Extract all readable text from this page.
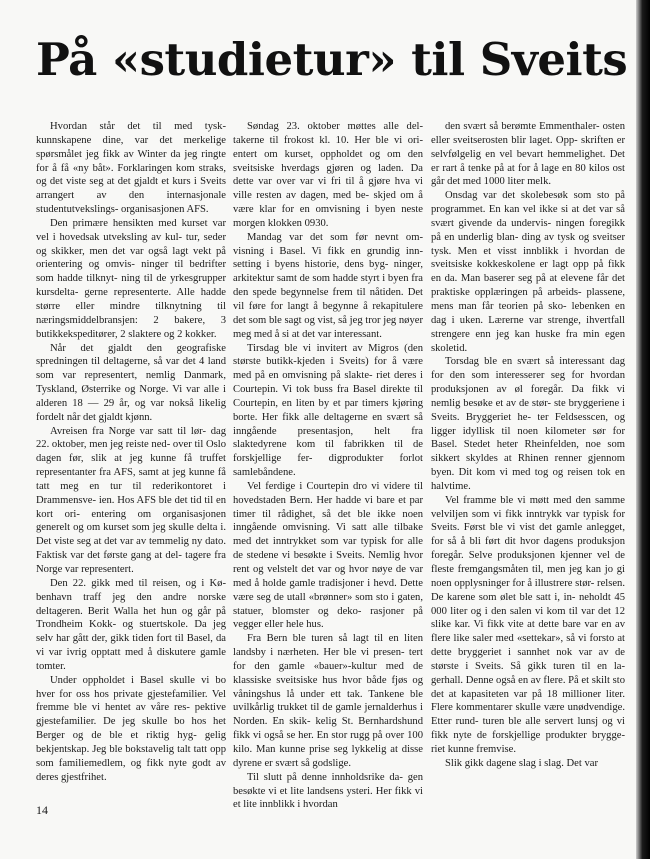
På «studietur» til Sveits

Hvordan står det til med tysk- kunnskapene dine, var det merkelige spørsmålet jeg fikk av Winter da jeg ringte for å få «ny båt». Forklaringen kom straks, og det viste seg at det gjaldt et kurs i Sveits arrangert av den internasjonale studentutvekslings- organisasjonen AFS.

Den primære hensikten med kurset var vel i hovedsak utveksling av kul- tur, seder og skikker, men det var også lagt vekt på orientering og omvis- ninger til bedrifter som hadde tilknyt- ning til de yrkesgrupper kursdelta- gerne representerte. Alle hadde større eller mindre tilknytning til næringsmiddelbransjen: 2 bakere, 3 butikkekspeditører, 2 slaktere og 2 kokker.

Når det gjaldt den geografiske spredningen til deltagerne, så var det 4 land som var representert, nemlig Danmark, Tyskland, Østerrike og Norge. Vi var alle i alderen 18 — 29 år, og var nokså likelig fordelt når det gjaldt kjønn.

Avreisen fra Norge var satt til lør- dag 22. oktober, men jeg reiste ned- over til Oslo dagen før, slik at jeg kunne få truffet representanter fra AFS, samt at jeg kunne få tatt meg en tur til rederikontoret i Drammensve- ien. Hos AFS ble det tid til en kort ori- entering om organisasjonen generelt og om kurset som jeg skulle delta i. Det viste seg at det var av temmelig ny dato. Faktisk var det første gang at del- tagere fra Norge var representert.

Den 22. gikk med til reisen, og i Kø- benhavn traff jeg den andre norske deltageren. Berit Walla het hun og går på Trondheim Kokk- og stuertskole. Da jeg selv har gått der, gikk tiden fort til Basel, da vi var ivrig opptatt med å diskutere gamle tomter.

Under oppholdet i Basel skulle vi bo hver for oss hos private gjestefamilier. Vel fremme ble vi hentet av våre res- pektive gjestefamilier. De jeg skulle bo hos het Berger og de ble et riktig hyg- gelig bekjentskap. Jeg ble bokstavelig talt tatt opp som familiemedlem, og fikk nyte godt av deres gjestfrihet.

Søndag 23. oktober møttes alle del- takerne til frokost kl. 10. Her ble vi ori- entert om kurset, oppholdet og om den sveitsiske hverdags gjøren og laden. Da dette var over var vi fri til å gjøre hva vi ville resten av dagen, med be- skjed om å være klar for en omvisning i byen neste morgen klokken 0930.

Mandag var det som før nevnt om- visning i Basel. Vi fikk en grundig inn- setting i byens historie, dens byg- ninger, arkitektur samt de som hadde styrt i byen fra den spede begynnelse frem til nåtiden. Det vil føre for langt å begynne å rekapitulere det som ble sagt og vist, så jeg tror jeg nøyer meg med å si at det var interessant.

Tirsdag ble vi invitert av Migros (den største butikk-kjeden i Sveits) for å være med på en omvisning på slakte- riet deres i Courtepin. Vi tok buss fra Basel direkte til Courtepin, en liten by et par timers kjøring borte. Her fikk alle deltagerne en svært så inngående presentasjon, helt fra slaktedyrene kom til fabrikken til de forskjellige fer- digprodukter forlot samlebåndene.

Vel ferdige i Courtepin dro vi videre til hovedstaden Bern. Her hadde vi bare et par timer til rådighet, så det ble ikke noen inngående omvisning. Vi satt alle tilbake med det inntrykket som var typisk for alle de stedene vi besøkte i Sveits. Nemlig hvor rent og velstelt det var og hvor nøye de var med å holde gamle tradisjoner i hevd. Dette være seg de utall «brønner» som sto i gaten, statuer, blomster og deko- rasjoner på vegger eller hele hus.

Fra Bern ble turen så lagt til en liten landsby i nærheten. Her ble vi presen- tert for den gamle «bauer»-kultur med de klassiske sveitsiske hus hvor både fjøs og våningshus lå under ett tak. Tankene ble uvilkårlig trukket til de gamle jernalderhus i Norden. En skik- kelig St. Bernhardshund fikk vi også se her. En stor rugg på over 100 kilo. Man kunne prise seg lykkelig at disse dyrene er svært så godslige.

Til slutt på denne innholdsrike da- gen besøkte vi et lite landsens ysteri. Her fikk vi et lite innblikk i hvordan

den svært så berømte Emmenthaler- osten eller sveitserosten blir laget. Opp- skriften er selvfølgelig en vel bevart hemmelighet. Det er rart å tenke på at for å lage en 80 kilos ost går det med 1000 liter melk.

Onsdag var det skolebesøk som sto på programmet. En kan vel ikke si at det var så svært givende da undervis- ningen foregikk på en underlig blan- ding av tysk og sveitser tysk. Men et visst innblikk i hvordan de sveitsiske kokkeskolene er lagt opp på fikk en da. Man baserer seg på at elevene får det praktiske opplæringen på arbeids- plassene, mens man får teorien på sko- lebenken en dag i uken. Lærerne var strenge, ihvertfall strengere enn jeg kan huske fra min egen skoletid.

Torsdag ble en svært så interessant dag for den som interesserer seg for hvordan produksjonen av øl foregår. Da fikk vi nemlig besøke et av de stør- ste bryggeriene i Sveits. Bryggeriet he- ter Feldsesscen, og ligger idyllisk til noen kilometer sør for Basel. Stedet heter Rheinfelden, noe som sikkert skyldes at Rhinen renner gjennom byen. Dit kom vi med tog og reisen tok en halvtime.

Vel framme ble vi møtt med den samme velviljen som vi fikk inntrykk var typisk for Sveits. Først ble vi vist det gamle anlegget, for så å bli ført dit hvor dagens produksjon foregår. Selve produksjonen kjenner vel de fleste fremgangsmåten til, men jeg kan jo gi noen opplysninger for å illustrere stør- relsen. De karene som ølet ble satt i, in- neholdt 45 000 liter og i den salen vi kom til var det 12 slike kar. Vi fikk vite at dette bare var en av flere like saler med «settekar», så vi forsto at dette bryggeriet i sannhet nok var av de største i Sveits. Så gikk turen til en la- gerhall. Denne også en av flere. På et skilt sto det at kapasiteten var på 18 millioner liter. Flere kommentarer skulle være unødvendige. Etter rund- turen ble alle servert lunsj og vi fikk nyte de forskjellige produkter brygge- riet kunne fremvise.

Slik gikk dagene slag i slag. Det var

14
